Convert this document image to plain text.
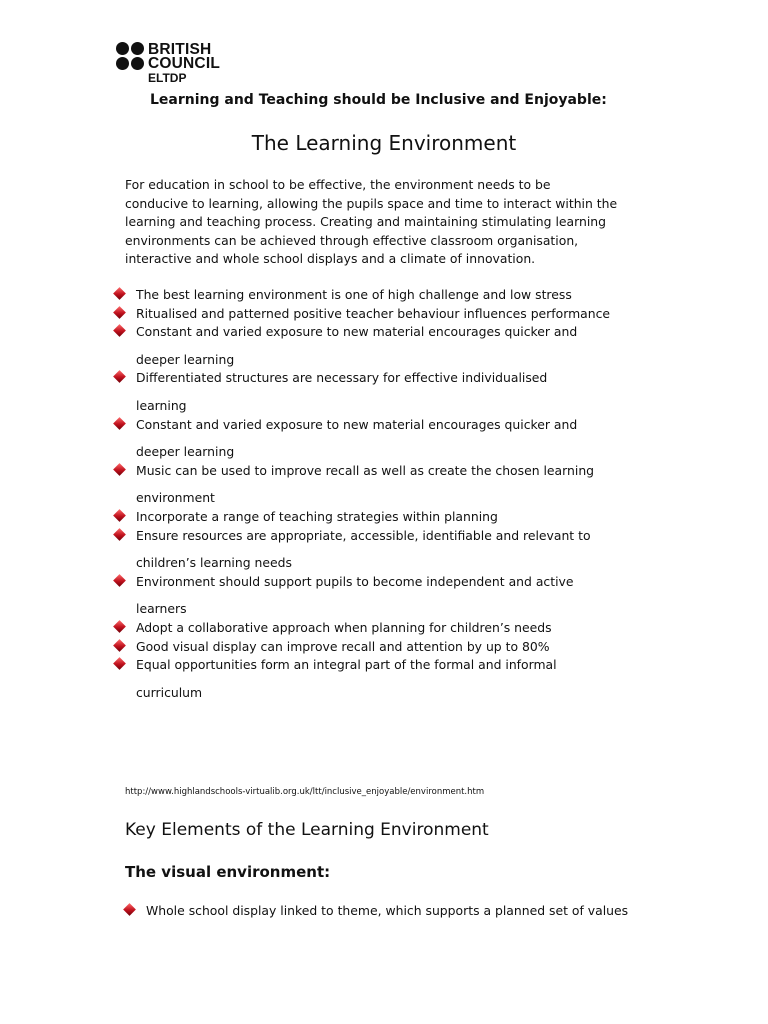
BRITISH
COUNCIL
ELTDP
Learning and Teaching should be Inclusive and Enjoyable:
The Learning Environment
For education in school to be effective, the environment needs to be
conducive to learning, allowing the pupils space and time to interact within the
learning and teaching process. Creating and maintaining stimulating learning
environments can be achieved through effective classroom organisation,
interactive and whole school displays and a climate of innovation.
The best learning environment is one of high challenge and low stress
Ritualised and patterned positive teacher behaviour influences performance
Constant and varied exposure to new material encourages quicker and
deeper learning
Differentiated structures are necessary for effective individualised
learning
Constant and varied exposure to new material encourages quicker and
deeper learning
Music can be used to improve recall as well as create the chosen learning
environment
Incorporate a range of teaching strategies within planning
Ensure resources are appropriate, accessible, identifiable and relevant to
children’s learning needs
Environment should support pupils to become independent and active
learners
Adopt a collaborative approach when planning for children’s needs
Good visual display can improve recall and attention by up to 80%
Equal opportunities form an integral part of the formal and informal
curriculum
http://www.highlandschools-virtualib.org.uk/ltt/inclusive_enjoyable/environment.htm
Key Elements of the Learning Environment
The visual environment:
Whole school display linked to theme, which supports a planned set of values
